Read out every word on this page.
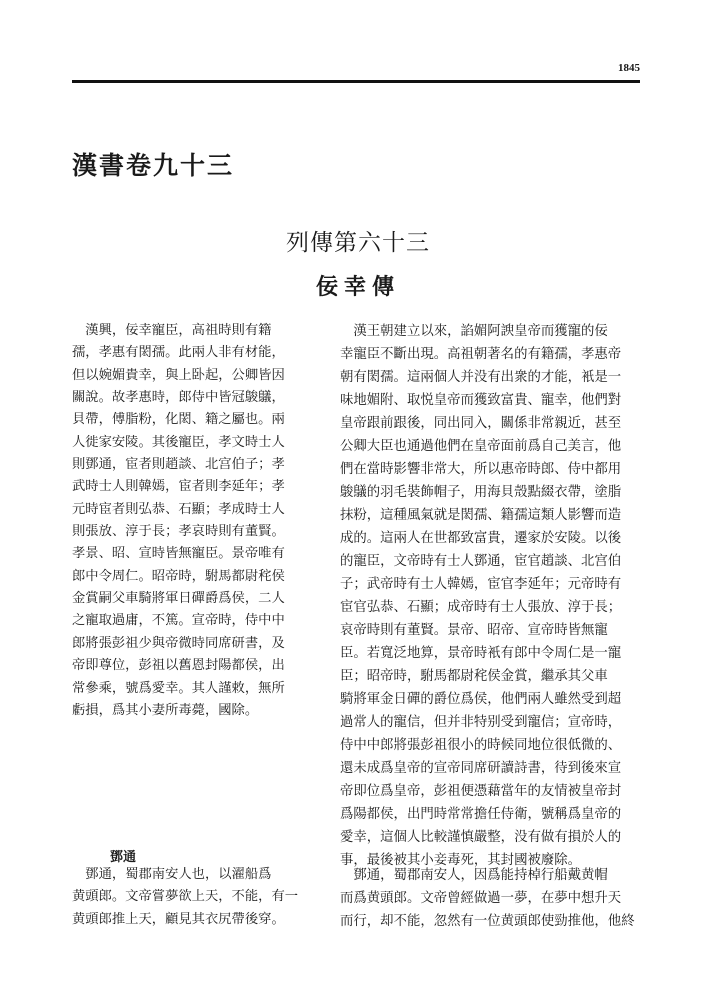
1845
漢書卷九十三
列傳第六十三
佞幸傳
　漢興，佞幸寵臣，高祖時則有籍
孺，孝惠有閎孺。此兩人非有材能，
但以婉媚貴幸，與上卧起，公卿皆因
關說。故孝惠時，郎侍中皆冠鵔鸃，
貝帶，傅脂粉，化閎、籍之屬也。兩
人徙家安陵。其後寵臣，孝文時士人
則鄧通，宦者則趙談、北宫伯子；孝
武時士人則韓嫣，宦者則李延年；孝
元時宦者則弘恭、石顯；孝成時士人
則張放、淳于長；孝哀時則有董賢。
孝景、昭、宣時皆無寵臣。景帝唯有
郎中令周仁。昭帝時，駙馬都尉秺侯
金賞嗣父車騎將軍日磾爵爲侯，二人
之寵取過庸，不篤。宣帝時，侍中中
郎將張彭祖少與帝微時同席研書，及
帝即尊位，彭祖以舊恩封陽都侯，出
常參乘，號爲愛幸。其人謹敕，無所
虧損，爲其小妻所毒薨，國除。
　漢王朝建立以來，諂媚阿諛皇帝而獲寵的佞
幸寵臣不斷出現。高祖朝著名的有籍孺，孝惠帝
朝有閎孺。這兩個人并没有出衆的才能，衹是一
味地媚附、取悦皇帝而獲致富貴、寵幸，他們對
皇帝跟前跟後，同出同入，關係非常親近，甚至
公卿大臣也通過他們在皇帝面前爲自己美言，他
們在當時影響非常大，所以惠帝時郎、侍中都用
鵔鸃的羽毛裝飾帽子，用海貝殼點綴衣帶，塗脂
抹粉，這種風氣就是閎孺、籍孺這類人影響而造
成的。這兩人在世都致富貴，遷家於安陵。以後
的寵臣，文帝時有士人鄧通，宦官趙談、北宫伯
子；武帝時有士人韓嫣，宦官李延年；元帝時有
宦官弘恭、石顯；成帝時有士人張放、淳于長；
哀帝時則有董賢。景帝、昭帝、宣帝時皆無寵
臣。若寬泛地算，景帝時衹有郎中令周仁是一寵
臣；昭帝時，駙馬都尉秺侯金賞，繼承其父車
騎將軍金日磾的爵位爲侯，他們兩人雖然受到超
過常人的寵信，但并非特别受到寵信；宣帝時，
侍中中郎將張彭祖很小的時候同地位很低微的、
還未成爲皇帝的宣帝同席研讀詩書，待到後來宣
帝即位爲皇帝，彭祖便憑藉當年的友情被皇帝封
爲陽都侯，出門時常常擔任侍衛，號稱爲皇帝的
愛幸，這個人比較謹慎嚴整，没有做有損於人的
事，最後被其小妾毒死，其封國被廢除。
鄧通
　鄧通，蜀郡南安人也，以濯船爲
黄頭郎。文帝嘗夢欲上天，不能，有一
黄頭郎推上天，顧見其衣尻帶後穿。
　鄧通，蜀郡南安人，因爲能持棹行船戴黄帽
而爲黄頭郎。文帝曾經做過一夢，在夢中想升天
而行，却不能，忽然有一位黄頭郎使勁推他，他終
